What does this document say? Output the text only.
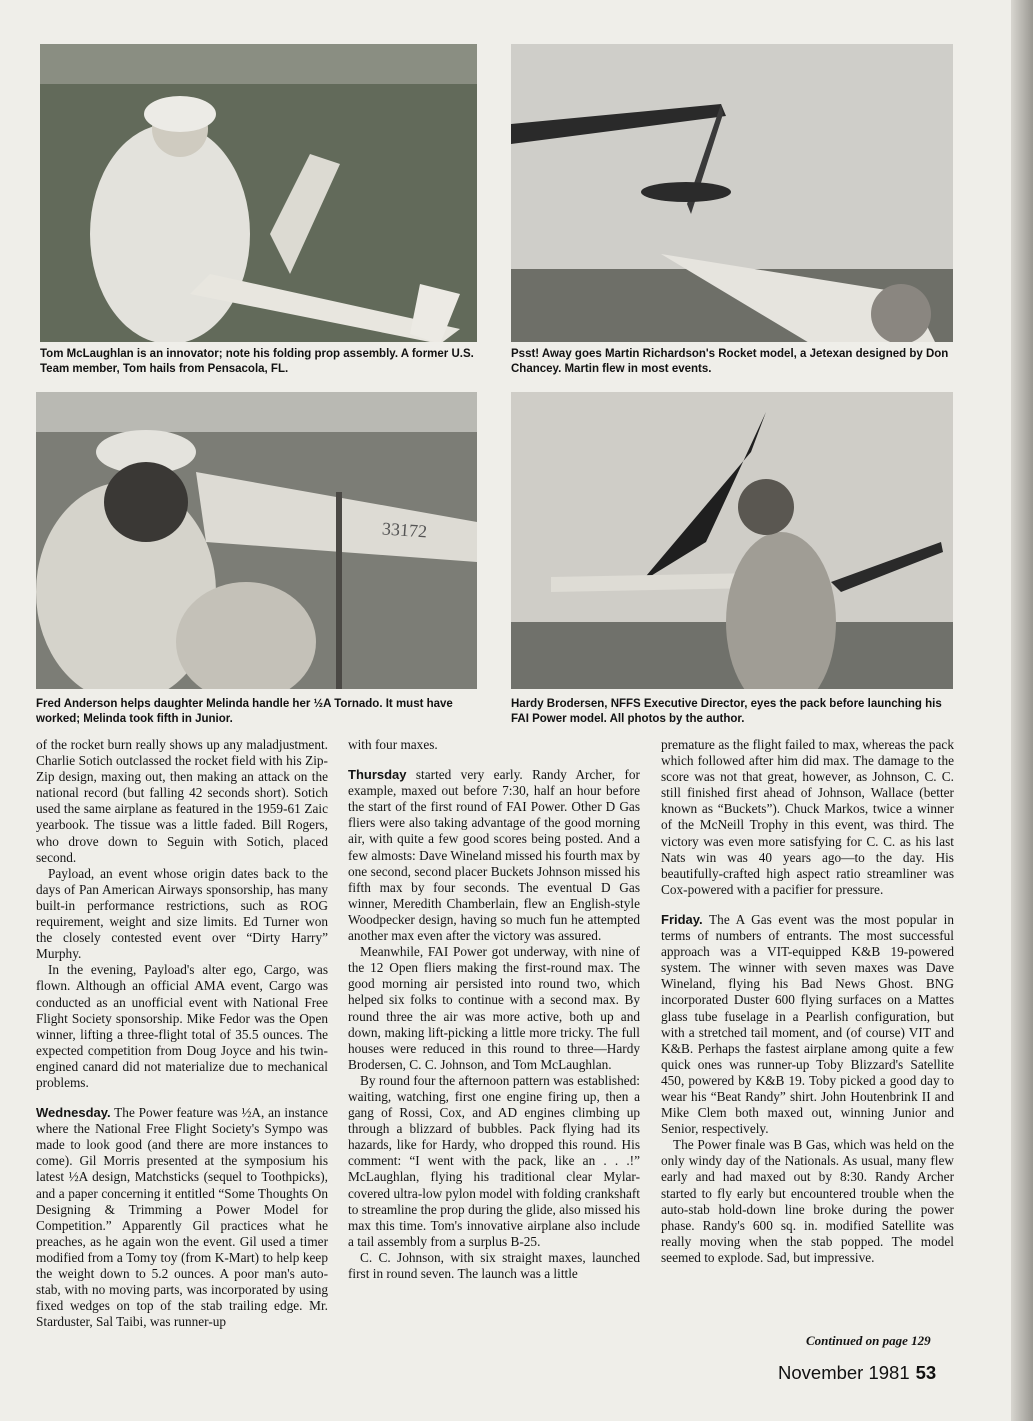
Tom McLaughlan is an innovator; note his folding prop assembly. A former U.S. Team member, Tom hails from Pensacola, FL.
Psst! Away goes Martin Richardson's Rocket model, a Jetexan designed by Don Chancey. Martin flew in most events.
33172
Fred Anderson helps daughter Melinda handle her ½A Tornado. It must have worked; Melinda took fifth in Junior.
Hardy Brodersen, NFFS Executive Director, eyes the pack before launching his FAI Power model. All photos by the author.

of the rocket burn really shows up any maladjustment. Charlie Sotich outclassed the rocket field with his Zip-Zip design, maxing out, then making an attack on the national record (but falling 42 seconds short). Sotich used the same airplane as featured in the 1959-61 Zaic yearbook. The tissue was a little faded. Bill Rogers, who drove down to Seguin with Sotich, placed second.

Payload, an event whose origin dates back to the days of Pan American Airways sponsorship, has many built-in performance restrictions, such as ROG requirement, weight and size limits. Ed Turner won the closely contested event over “Dirty Harry” Murphy.

In the evening, Payload's alter ego, Cargo, was flown. Although an official AMA event, Cargo was conducted as an unofficial event with National Free Flight Society sponsorship. Mike Fedor was the Open winner, lifting a three-flight total of 35.5 ounces. The expected competition from Doug Joyce and his twin-engined canard did not materialize due to mechanical problems.

Wednesday. The Power feature was ½A, an instance where the National Free Flight Society's Sympo was made to look good (and there are more instances to come). Gil Morris presented at the symposium his latest ½A design, Matchsticks (sequel to Toothpicks), and a paper concerning it entitled “Some Thoughts On Designing & Trimming a Power Model for Competition.” Apparently Gil practices what he preaches, as he again won the event. Gil used a timer modified from a Tomy toy (from K-Mart) to help keep the weight down to 5.2 ounces. A poor man's auto-stab, with no moving parts, was incorporated by using fixed wedges on top of the stab trailing edge. Mr. Starduster, Sal Taibi, was runner-up

with four maxes.

Thursday started very early. Randy Archer, for example, maxed out before 7:30, half an hour before the start of the first round of FAI Power. Other D Gas fliers were also taking advantage of the good morning air, with quite a few good scores being posted. And a few almosts: Dave Wineland missed his fourth max by one second, second placer Buckets Johnson missed his fifth max by four seconds. The eventual D Gas winner, Meredith Chamberlain, flew an English-style Woodpecker design, having so much fun he attempted another max even after the victory was assured.

Meanwhile, FAI Power got underway, with nine of the 12 Open fliers making the first-round max. The good morning air persisted into round two, which helped six folks to continue with a second max. By round three the air was more active, both up and down, making lift-picking a little more tricky. The full houses were reduced in this round to three—Hardy Brodersen, C. C. Johnson, and Tom McLaughlan.

By round four the afternoon pattern was established: waiting, watching, first one engine firing up, then a gang of Rossi, Cox, and AD engines climbing up through a blizzard of bubbles. Pack flying had its hazards, like for Hardy, who dropped this round. His comment: “I went with the pack, like an . . .!” McLaughlan, flying his traditional clear Mylar-covered ultra-low pylon model with folding crankshaft to streamline the prop during the glide, also missed his max this time. Tom's innovative airplane also include a tail assembly from a surplus B-25.

C. C. Johnson, with six straight maxes, launched first in round seven. The launch was a little

premature as the flight failed to max, whereas the pack which followed after him did max. The damage to the score was not that great, however, as Johnson, C. C. still finished first ahead of Johnson, Wallace (better known as “Buckets”). Chuck Markos, twice a winner of the McNeill Trophy in this event, was third. The victory was even more satisfying for C. C. as his last Nats win was 40 years ago—to the day. His beautifully-crafted high aspect ratio streamliner was Cox-powered with a pacifier for pressure.

Friday. The A Gas event was the most popular in terms of numbers of entrants. The most successful approach was a VIT-equipped K&B 19-powered system. The winner with seven maxes was Dave Wineland, flying his Bad News Ghost. BNG incorporated Duster 600 flying surfaces on a Mattes glass tube fuselage in a Pearlish configuration, but with a stretched tail moment, and (of course) VIT and K&B. Perhaps the fastest airplane among quite a few quick ones was runner-up Toby Blizzard's Satellite 450, powered by K&B 19. Toby picked a good day to wear his “Beat Randy” shirt. John Houtenbrink II and Mike Clem both maxed out, winning Junior and Senior, respectively.

The Power finale was B Gas, which was held on the only windy day of the Nationals. As usual, many flew early and had maxed out by 8:30. Randy Archer started to fly early but encountered trouble when the auto-stab hold-down line broke during the power phase. Randy's 600 sq. in. modified Satellite was really moving when the stab popped. The model seemed to explode. Sad, but impressive.

Continued on page 129
November 1981 53
